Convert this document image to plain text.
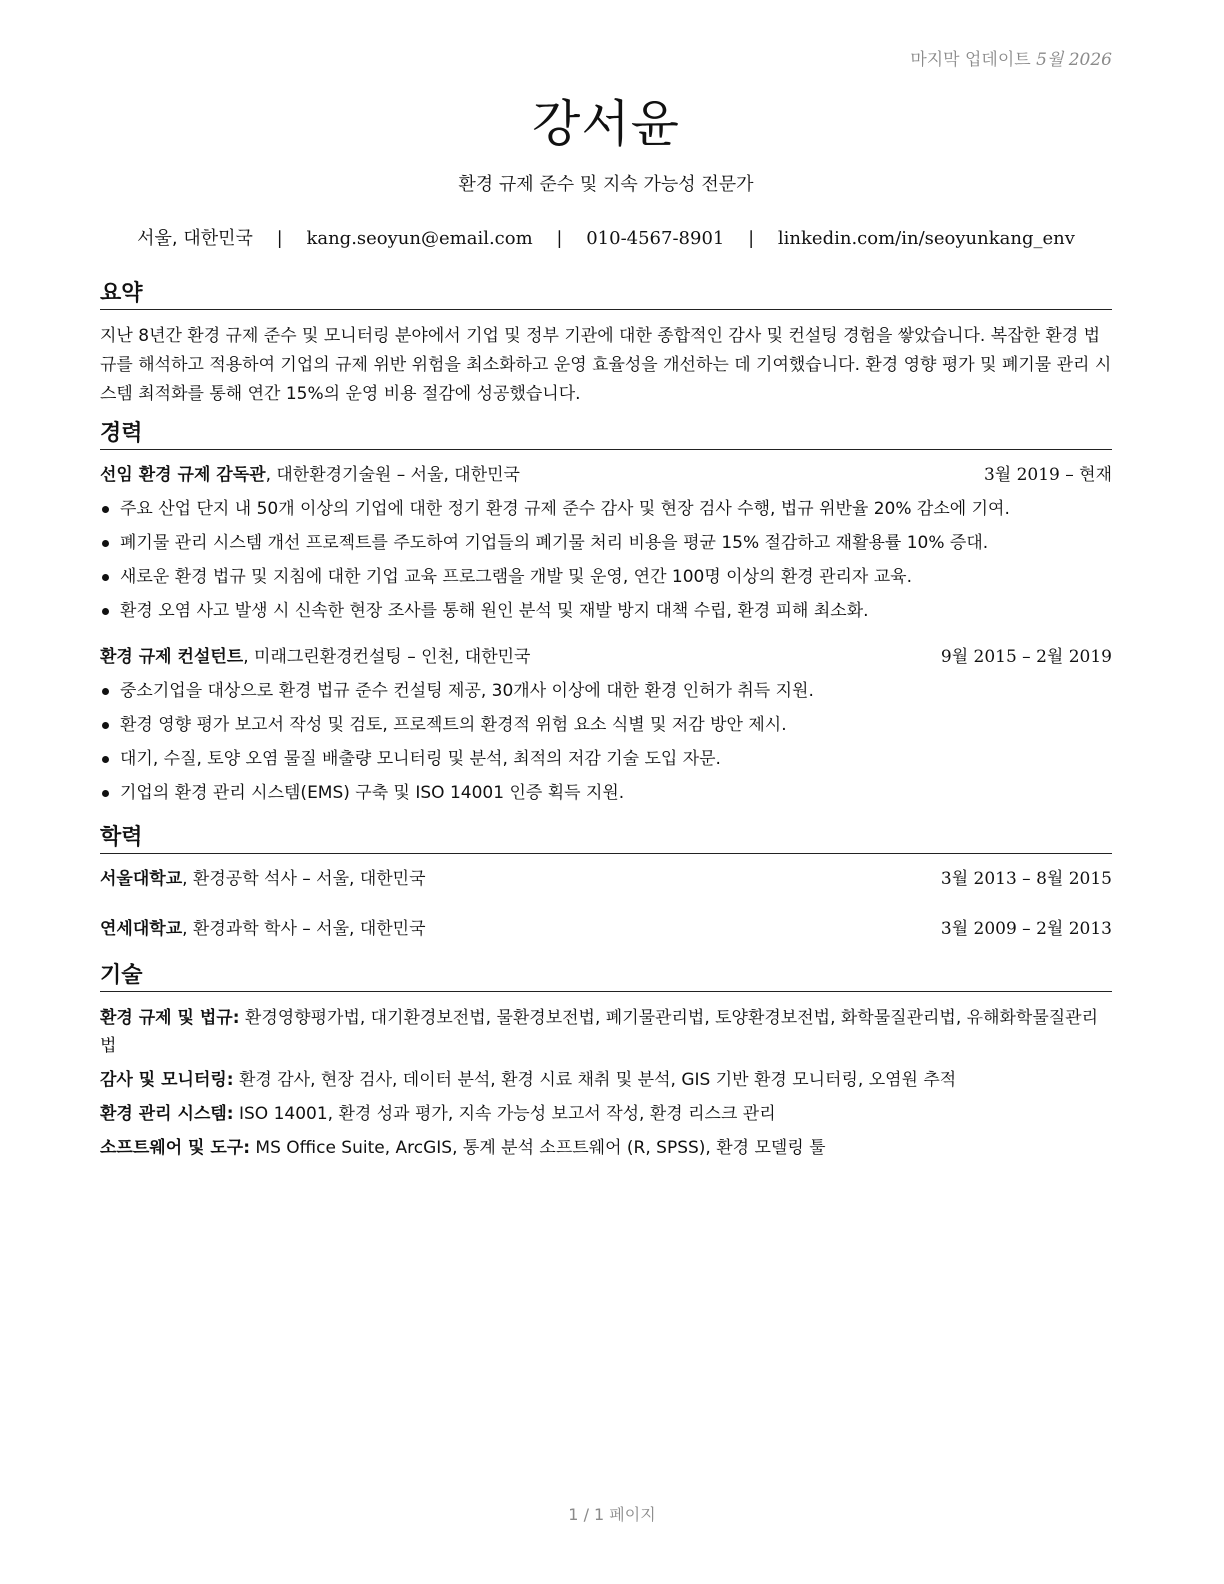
마지막 업데이트 5월 2026
강서윤
환경 규제 준수 및 지속 가능성 전문가
서울, 대한민국 | kang.seoyun@email.com | 010-4567-8901 | linkedin.com/in/seoyunkang_env
요약
지난 8년간 환경 규제 준수 및 모니터링 분야에서 기업 및 정부 기관에 대한 종합적인 감사 및 컨설팅 경험을 쌓았습니다. 복잡한 환경 법규를 해석하고 적용하여 기업의 규제 위반 위험을 최소화하고 운영 효율성을 개선하는 데 기여했습니다. 환경 영향 평가 및 폐기물 관리 시스템 최적화를 통해 연간 15%의 운영 비용 절감에 성공했습니다.
경력
선임 환경 규제 감독관, 대한환경기술원 – 서울, 대한민국	3월 2019 – 현재
주요 산업 단지 내 50개 이상의 기업에 대한 정기 환경 규제 준수 감사 및 현장 검사 수행, 법규 위반율 20% 감소에 기여.
폐기물 관리 시스템 개선 프로젝트를 주도하여 기업들의 폐기물 처리 비용을 평균 15% 절감하고 재활용률 10% 증대.
새로운 환경 법규 및 지침에 대한 기업 교육 프로그램을 개발 및 운영, 연간 100명 이상의 환경 관리자 교육.
환경 오염 사고 발생 시 신속한 현장 조사를 통해 원인 분석 및 재발 방지 대책 수립, 환경 피해 최소화.
환경 규제 컨설턴트, 미래그린환경컨설팅 – 인천, 대한민국	9월 2015 – 2월 2019
중소기업을 대상으로 환경 법규 준수 컨설팅 제공, 30개사 이상에 대한 환경 인허가 취득 지원.
환경 영향 평가 보고서 작성 및 검토, 프로젝트의 환경적 위험 요소 식별 및 저감 방안 제시.
대기, 수질, 토양 오염 물질 배출량 모니터링 및 분석, 최적의 저감 기술 도입 자문.
기업의 환경 관리 시스템(EMS) 구축 및 ISO 14001 인증 획득 지원.
학력
서울대학교, 환경공학 석사 – 서울, 대한민국	3월 2013 – 8월 2015
연세대학교, 환경과학 학사 – 서울, 대한민국	3월 2009 – 2월 2013
기술
환경 규제 및 법규: 환경영향평가법, 대기환경보전법, 물환경보전법, 폐기물관리법, 토양환경보전법, 화학물질관리법, 유해화학물질관리법
감사 및 모니터링: 환경 감사, 현장 검사, 데이터 분석, 환경 시료 채취 및 분석, GIS 기반 환경 모니터링, 오염원 추적
환경 관리 시스템: ISO 14001, 환경 성과 평가, 지속 가능성 보고서 작성, 환경 리스크 관리
소프트웨어 및 도구: MS Office Suite, ArcGIS, 통계 분석 소프트웨어 (R, SPSS), 환경 모델링 툴
1 / 1 페이지
